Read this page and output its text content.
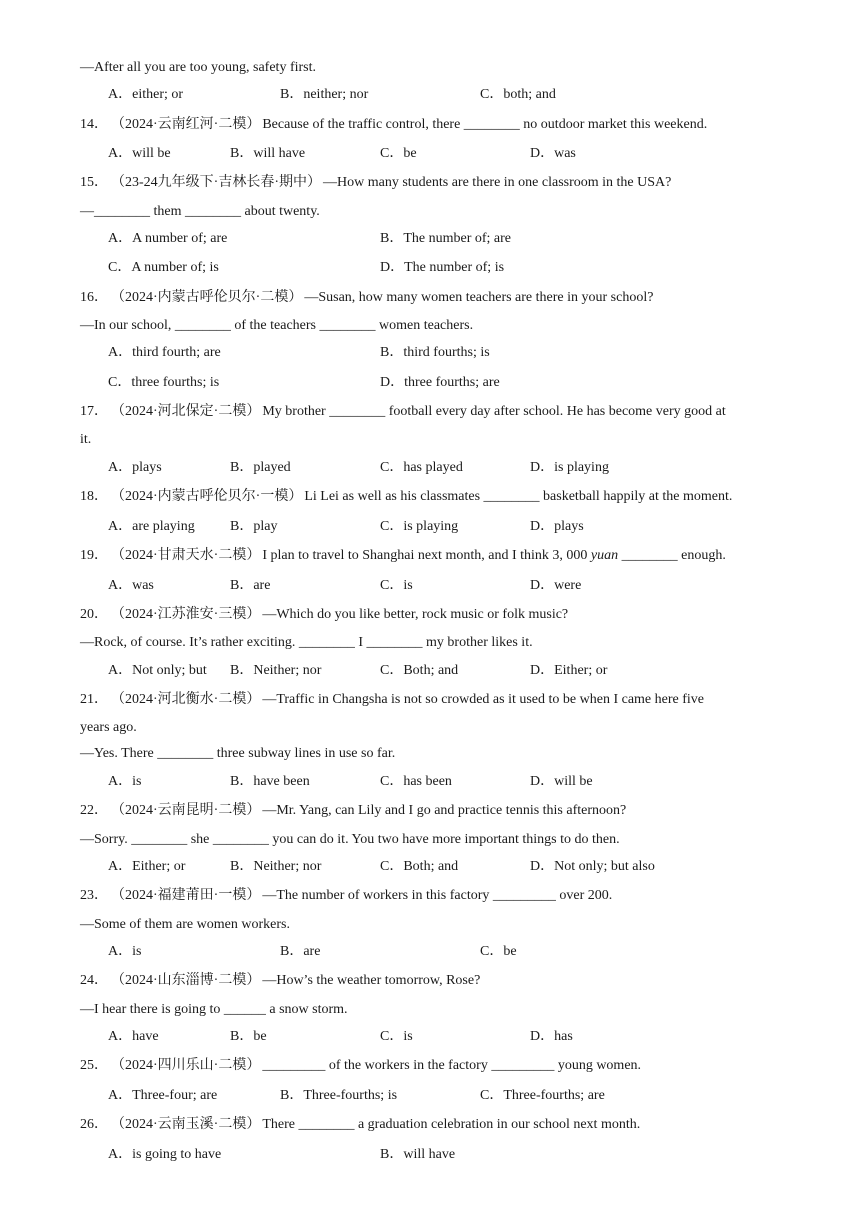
—After all you are too young, safety first.
A．either; or	B．neither; nor	C．both; and
14． （2024·云南红河·二模） Because of the traffic control, there ________ no outdoor market this weekend.
A．will be	B．will have	C．be	D．was
15． （23-24九年级下·吉林长春·期中） —How many students are there in one classroom in the USA?
—________ them ________ about twenty.
A．A number of; are	B．The number of; are
C．A number of; is	D．The number of; is
16． （2024·内蒙古呼伦贝尔·二模） —Susan, how many women teachers are there in your school?
—In our school, ________ of the teachers ________ women teachers.
A．third fourth; are	B．third fourths; is
C．three fourths; is	D．three fourths; are
17． （2024·河北保定·二模） My brother ________ football every day after school. He has become very good at
it.
A．plays	B．played	C．has played	D．is playing
18． （2024·内蒙古呼伦贝尔·一模） Li Lei as well as his classmates ________ basketball happily at the moment.
A．are playing	B．play	C．is playing	D．plays
19． （2024·甘肃天水·二模） I plan to travel to Shanghai next month, and I think 3, 000 yuan ________ enough.
A．was	B．are	C．is	D．were
20． （2024·江苏淮安·三模） —Which do you like better, rock music or folk music?
—Rock, of course. It’s rather exciting. ________ I ________ my brother likes it.
A．Not only; but B．Neither; nor	C．Both; and	D．Either; or
21． （2024·河北衡水·二模） —Traffic in Changsha is not so crowded as it used to be when I came here five
years ago.
—Yes. There ________ three subway lines in use so far.
A．is	B．have been	C．has been	D．will be
22． （2024·云南昆明·二模） —Mr. Yang, can Lily and I go and practice tennis this afternoon?
—Sorry. ________ she ________ you can do it. You two have more important things to do then.
A．Either; or	B．Neither; nor	C．Both; and	D．Not only; but also
23． （2024·福建莆田·一模） —The number of workers in this factory _________ over 200.
—Some of them are women workers.
A．is	B．are	C．be
24． （2024·山东淄博·二模） —How’s the weather tomorrow, Rose?
—I hear there is going to ______ a snow storm.
A．have	B．be	C．is	D．has
25． （2024·四川乐山·二模） _________ of the workers in the factory _________ young women.
A．Three-four; are	B．Three-fourths; is	C．Three-fourths; are
26． （2024·云南玉溪·二模） There ________ a graduation celebration in our school next month.
A．is going to have	B．will have
